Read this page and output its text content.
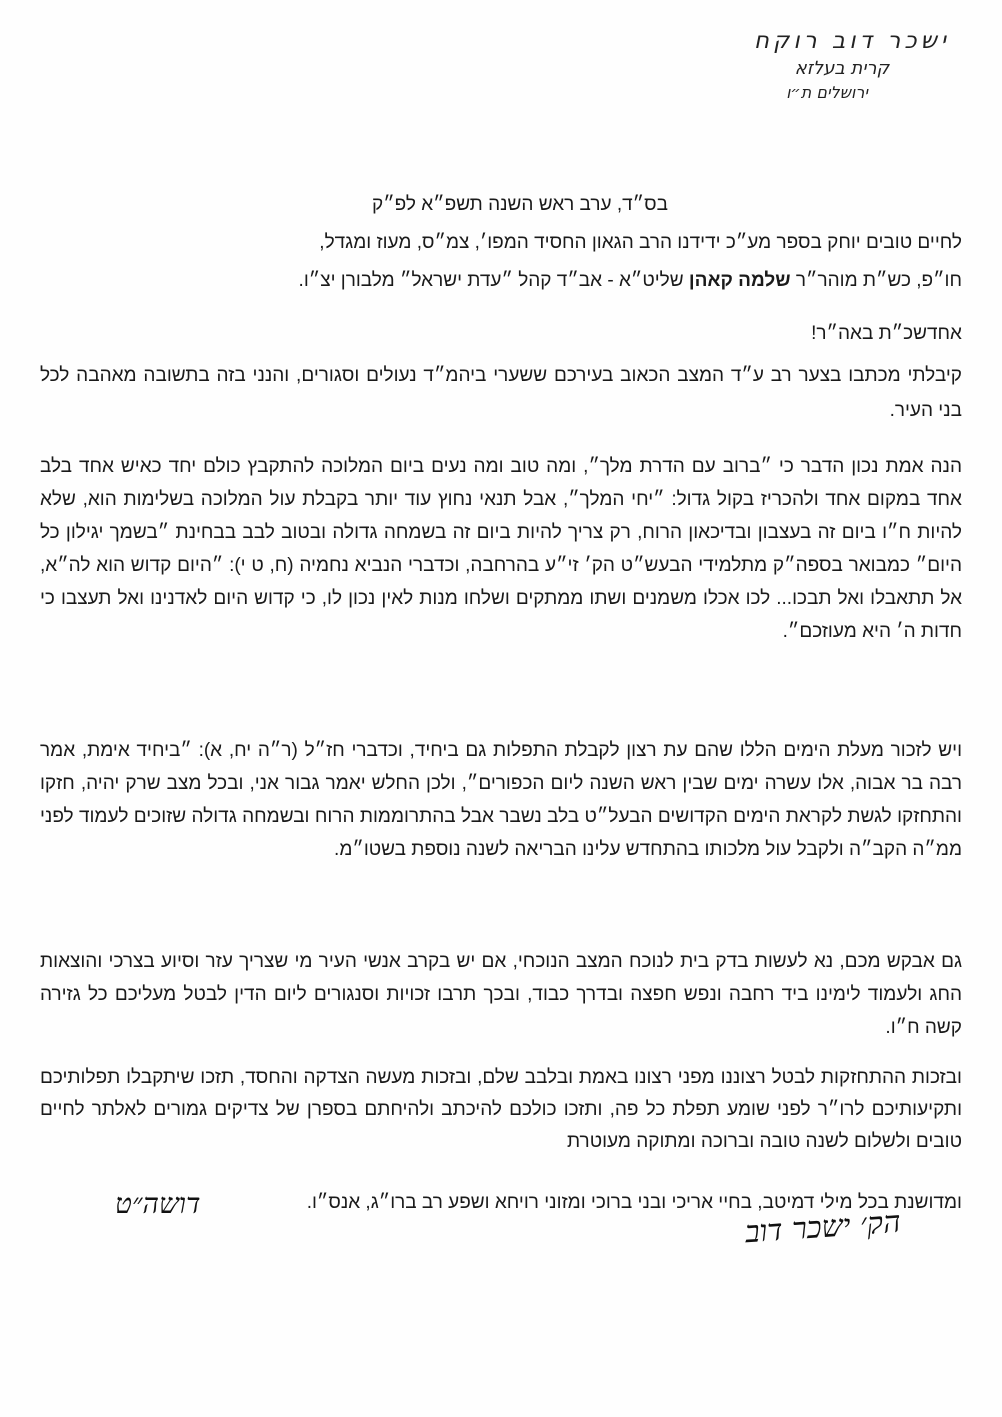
ישכר דוב רוקח
קרית בעלזא
ירושלים ת״ו
בס״ד, ערב ראש השנה תשפ״א לפ״ק
לחיים טובים יוחק בספר מע״כ ידידנו הרב הגאון החסיד המפו׳, צמ״ס, מעוז ומגדל,
חו״פ, כש״ת מוהר״ר שלמה קאהן שליט״א - אב״ד קהל ״עדת ישראל״ מלבורן יצ״ו.
אחדשכ״ת באה״ר!
קיבלתי מכתבו בצער רב ע״ד המצב הכאוב בעירכם ששערי ביהמ״ד נעולים וסגורים, והנני בזה בתשובה מאהבה לכל בני העיר.
הנה אמת נכון הדבר כי ״ברוב עם הדרת מלך״, ומה טוב ומה נעים ביום המלוכה להתקבץ כולם יחד כאיש אחד בלב אחד במקום אחד ולהכריז בקול גדול: ״יחי המלך״, אבל תנאי נחוץ עוד יותר בקבלת עול המלוכה בשלימות הוא, שלא להיות ח״ו ביום זה בעצבון ובדיכאון הרוח, רק צריך להיות ביום זה בשמחה גדולה ובטוב לבב בבחינת ״בשמך יגילון כל היום״ כמבואר בספה״ק מתלמידי הבעש״ט הק׳ זי״ע בהרחבה, וכדברי הנביא נחמיה (ח, ט י): ״היום קדוש הוא לה״א, אל תתאבלו ואל תבכו... לכו אכלו משמנים ושתו ממתקים ושלחו מנות לאין נכון לו, כי קדוש היום לאדנינו ואל תעצבו כי חדות ה׳ היא מעוזכם״.
ויש לזכור מעלת הימים הללו שהם עת רצון לקבלת התפלות גם ביחיד, וכדברי חז״ל (ר״ה יח, א): ״ביחיד אימת, אמר רבה בר אבוה, אלו עשרה ימים שבין ראש השנה ליום הכפורים״, ולכן החלש יאמר גבור אני, ובכל מצב שרק יהיה, חזקו והתחזקו לגשת לקראת הימים הקדושים הבעל״ט בלב נשבר אבל בהתרוממות הרוח ובשמחה גדולה שזוכים לעמוד לפני ממ״ה הקב״ה ולקבל עול מלכותו בהתחדש עלינו הבריאה לשנה נוספת בשטו״מ.
גם אבקש מכם, נא לעשות בדק בית לנוכח המצב הנוכחי, אם יש בקרב אנשי העיר מי שצריך עזר וסיוע בצרכי והוצאות החג ולעמוד לימינו ביד רחבה ונפש חפצה ובדרך כבוד, ובכך תרבו זכויות וסנגורים ליום הדין לבטל מעליכם כל גזירה קשה ח״ו.
ובזכות ההתחזקות לבטל רצוננו מפני רצונו באמת ובלבב שלם, ובזכות מעשה הצדקה והחסד, תזכו שיתקבלו תפלותיכם ותקיעותיכם לרו״ר לפני שומע תפלת כל פה, ותזכו כולכם להיכתב ולהיחתם בספרן של צדיקים גמורים לאלתר לחיים טובים ולשלום לשנה טובה וברוכה ומתוקה מעוטרת
ומדושנת בכל מילי דמיטב, בחיי אריכי ובני ברוכי ומזוני רויחא ושפע רב ברו״ג, אנס״ו.
דושה״ט
הק׳ ישכר דוב
